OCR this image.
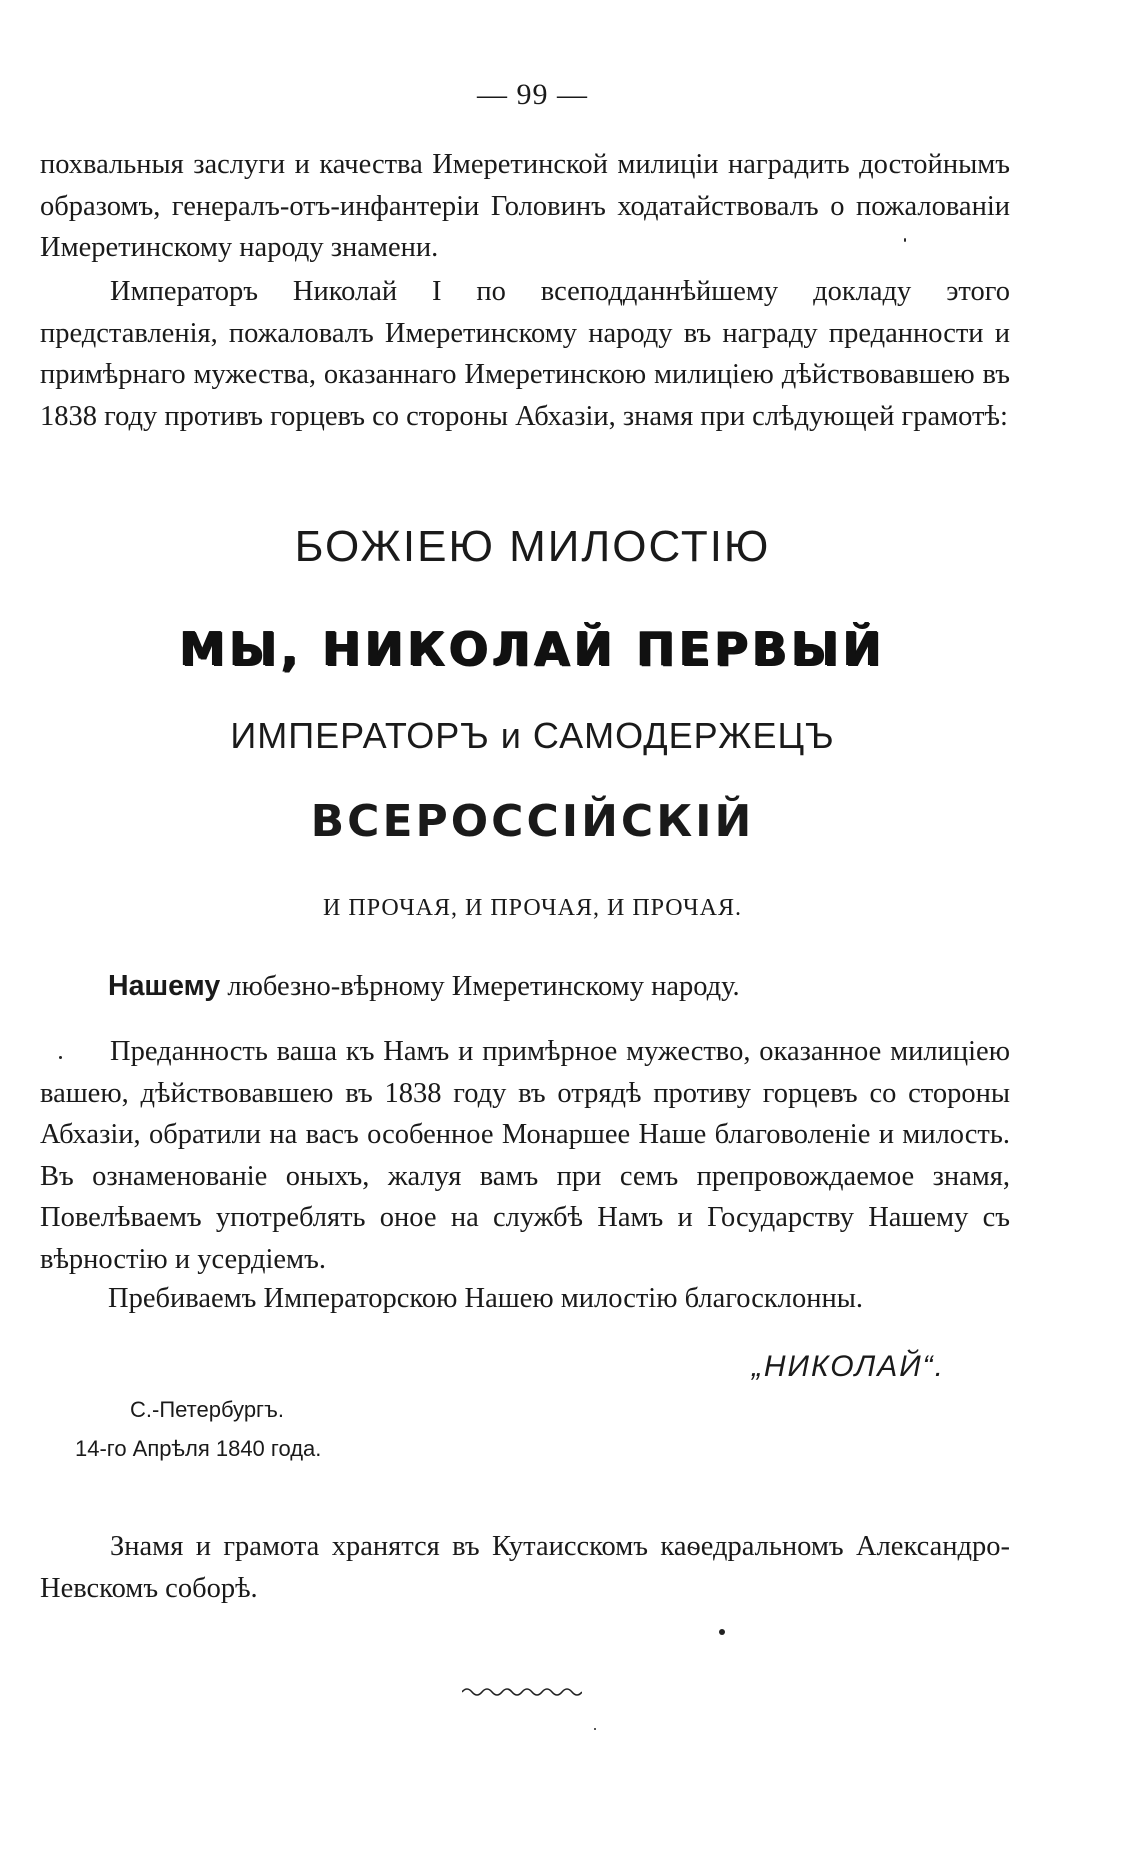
— 99 —
похвальныя заслуги и качества Имеретинской милиціи наградить достойнымъ образомъ, генералъ-отъ-инфантеріи Головинъ ходатайствовалъ о пожалованіи Имеретинскому народу знамени.
Императоръ Николай I по всеподданнѣйшему докладу этого представленія, пожаловалъ Имеретинскому народу въ награду преданности и примѣрнаго мужества, оказаннаго Имеретинскою милиціею дѣйствовавшею въ 1838 году противъ горцевъ со стороны Абхазіи, знамя при слѣдующей грамотѣ:
БОЖІЕЮ МИЛОСТІЮ
МЫ, НИКОЛАЙ ПЕРВЫЙ
ИМПЕРАТОРЪ и САМОДЕРЖЕЦЪ
ВСЕРОССІЙСКІЙ
И ПРОЧАЯ, И ПРОЧАЯ, И ПРОЧАЯ.
Нашему любезно-вѣрному Имеретинскому народу.
Преданность ваша къ Намъ и примѣрное мужество, оказанное милиціею вашею, дѣйствовавшею въ 1838 году въ отрядѣ противу горцевъ со стороны Абхазіи, обратили на васъ особенное Монаршее Наше благоволеніе и милость. Въ ознаменованіе оныхъ, жалуя вамъ при семъ препровождаемое знамя, Повелѣваемъ употреблять оное на службѣ Намъ и Государству Нашему съ вѣрностію и усердіемъ.
Пребиваемъ Императорскою Нашею милостію благосклонны.
„НИКОЛАЙ“.
С.-Петербургъ.
14-го Апрѣля 1840 года.
Знамя и грамота хранятся въ Кутаисскомъ каѳедральномъ Александро-Невскомъ соборѣ.
